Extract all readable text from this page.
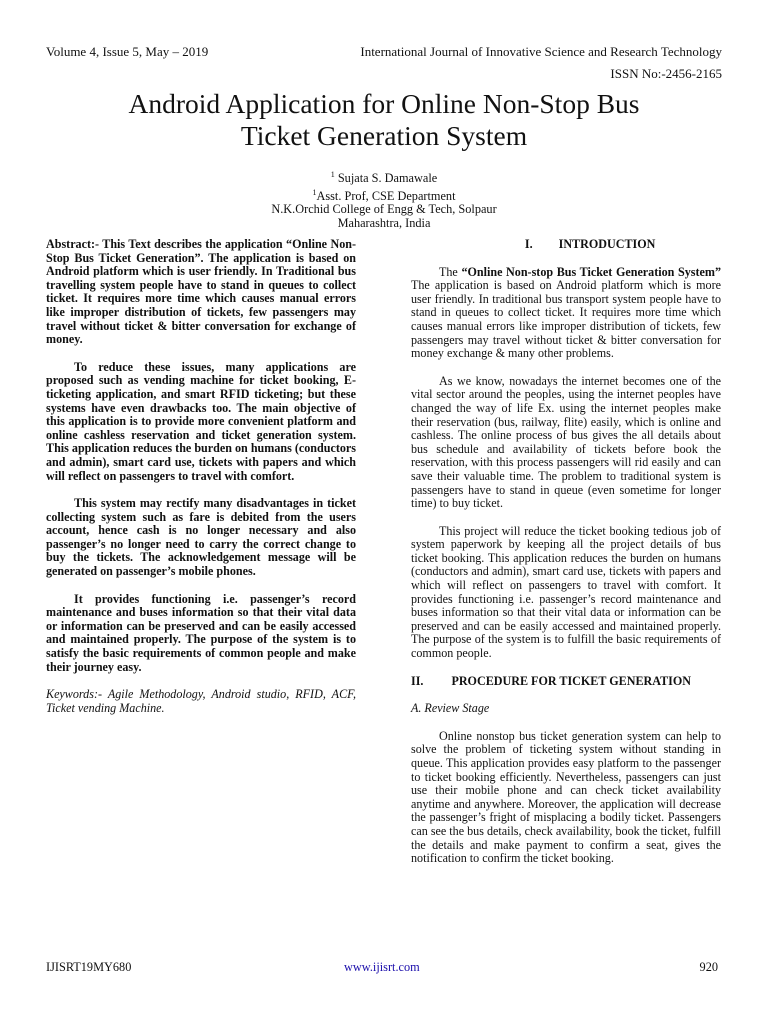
Volume 4, Issue 5, May – 2019	International Journal of Innovative Science and Research Technology
ISSN No:-2456-2165
Android Application for Online Non-Stop Bus
Ticket Generation System
$^1$ Sujata S. Damawale
$^1$Asst. Prof, CSE Department
N.K.Orchid College of Engg & Tech, Solpaur
Maharashtra, India

Abstract:- This Text describes the application “Online Non-Stop Bus Ticket Generation”. The application is based on Android platform which is user friendly. In Traditional bus travelling system people have to stand in queues to collect ticket. It requires more time which causes manual errors like improper distribution of tickets, few passengers may travel without ticket & bitter conversation for exchange of money.

To reduce these issues, many applications are proposed such as vending machine for ticket booking, E-ticketing application, and smart RFID ticketing; but these systems have even drawbacks too. The main objective of this application is to provide more convenient platform and online cashless reservation and ticket generation system. This application reduces the burden on humans (conductors and admin), smart card use, tickets with papers and which will reflect on passengers to travel with comfort.

This system may rectify many disadvantages in ticket collecting system such as fare is debited from the users account, hence cash is no longer necessary and also passenger’s no longer need to carry the correct change to buy the tickets. The acknowledgement message will be generated on passenger’s mobile phones.

It provides functioning i.e. passenger’s record maintenance and buses information so that their vital data or information can be preserved and can be easily accessed and maintained properly. The purpose of the system is to satisfy the basic requirements of common people and make their journey easy.

Keywords:- Agile Methodology, Android studio, RFID, ACF, Ticket vending Machine.

I. INTRODUCTION

The “Online Non-stop Bus Ticket Generation System” The application is based on Android platform which is more user friendly. In traditional bus transport system people have to stand in queues to collect ticket. It requires more time which causes manual errors like improper distribution of tickets, few passengers may travel without ticket & bitter conversation for money exchange & many other problems.

As we know, nowadays the internet becomes one of the vital sector around the peoples, using the internet peoples have changed the way of life Ex. using the internet peoples make their reservation (bus, railway, flite) easily, which is online and cashless. The online process of bus gives the all details about bus schedule and availability of tickets before book the reservation, with this process passengers will rid easily and can save their valuable time. The problem to traditional system is passengers have to stand in queue (even sometime for longer time) to buy ticket.

This project will reduce the ticket booking tedious job of system paperwork by keeping all the project details of bus ticket booking. This application reduces the burden on humans (conductors and admin), smart card use, tickets with papers and which will reflect on passengers to travel with comfort. It provides functioning i.e. passenger’s record maintenance and buses information so that their vital data or information can be preserved and can be easily accessed and maintained properly. The purpose of the system is to fulfill the basic requirements of common people.

II. PROCEDURE FOR TICKET GENERATION

A. Review Stage

Online nonstop bus ticket generation system can help to solve the problem of ticketing system without standing in queue. This application provides easy platform to the passenger to ticket booking efficiently. Nevertheless, passengers can just use their mobile phone and can check ticket availability anytime and anywhere. Moreover, the application will decrease the passenger’s fright of misplacing a bodily ticket. Passengers can see the bus details, check availability, book the ticket, fulfill the details and make payment to confirm a seat, gives the notification to confirm the ticket booking.

IJISRT19MY680	www.ijisrt.com	920
